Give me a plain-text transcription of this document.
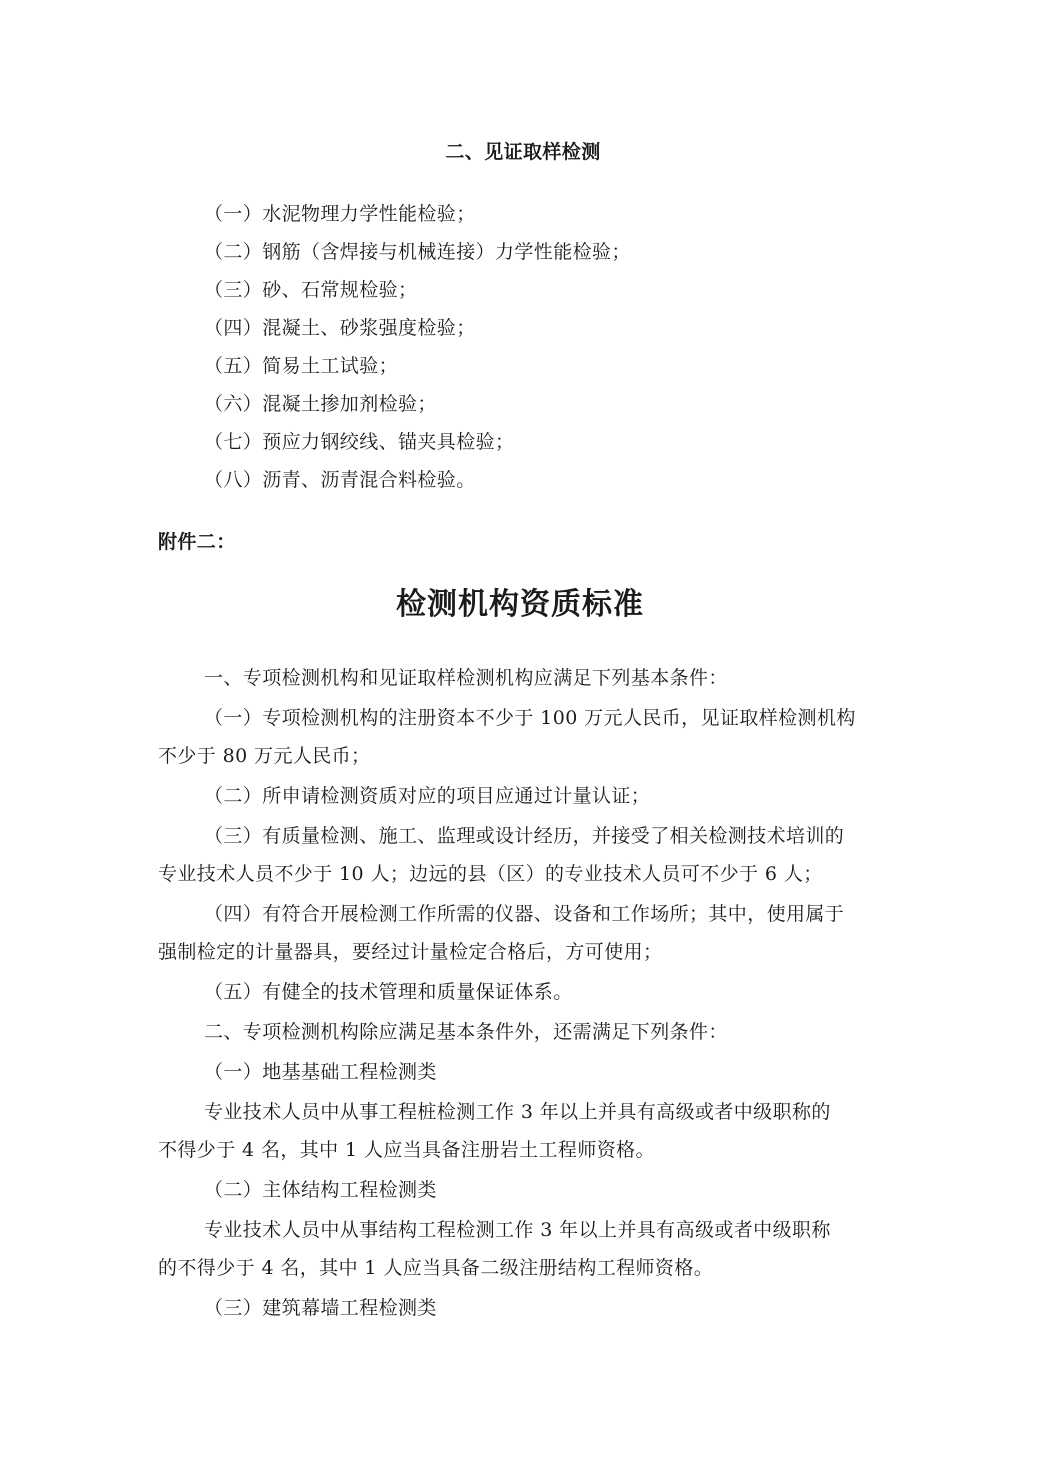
二、见证取样检测
（一）水泥物理力学性能检验；
（二）钢筋（含焊接与机械连接）力学性能检验；
（三）砂、石常规检验；
（四）混凝土、砂浆强度检验；
（五）简易土工试验；
（六）混凝土掺加剂检验；
（七）预应力钢绞线、锚夹具检验；
（八）沥青、沥青混合料检验。
附件二：
检测机构资质标准
一、专项检测机构和见证取样检测机构应满足下列基本条件：
（一）专项检测机构的注册资本不少于 100 万元人民币，见证取样检测机构
不少于 80 万元人民币；
（二）所申请检测资质对应的项目应通过计量认证；
（三）有质量检测、施工、监理或设计经历，并接受了相关检测技术培训的
专业技术人员不少于 10 人；边远的县（区）的专业技术人员可不少于 6 人；
（四）有符合开展检测工作所需的仪器、设备和工作场所；其中，使用属于
强制检定的计量器具，要经过计量检定合格后，方可使用；
（五）有健全的技术管理和质量保证体系。
二、专项检测机构除应满足基本条件外，还需满足下列条件：
（一）地基基础工程检测类
专业技术人员中从事工程桩检测工作 3 年以上并具有高级或者中级职称的
不得少于 4 名，其中 1 人应当具备注册岩土工程师资格。
（二）主体结构工程检测类
专业技术人员中从事结构工程检测工作 3 年以上并具有高级或者中级职称
的不得少于 4 名，其中 1 人应当具备二级注册结构工程师资格。
（三）建筑幕墙工程检测类
